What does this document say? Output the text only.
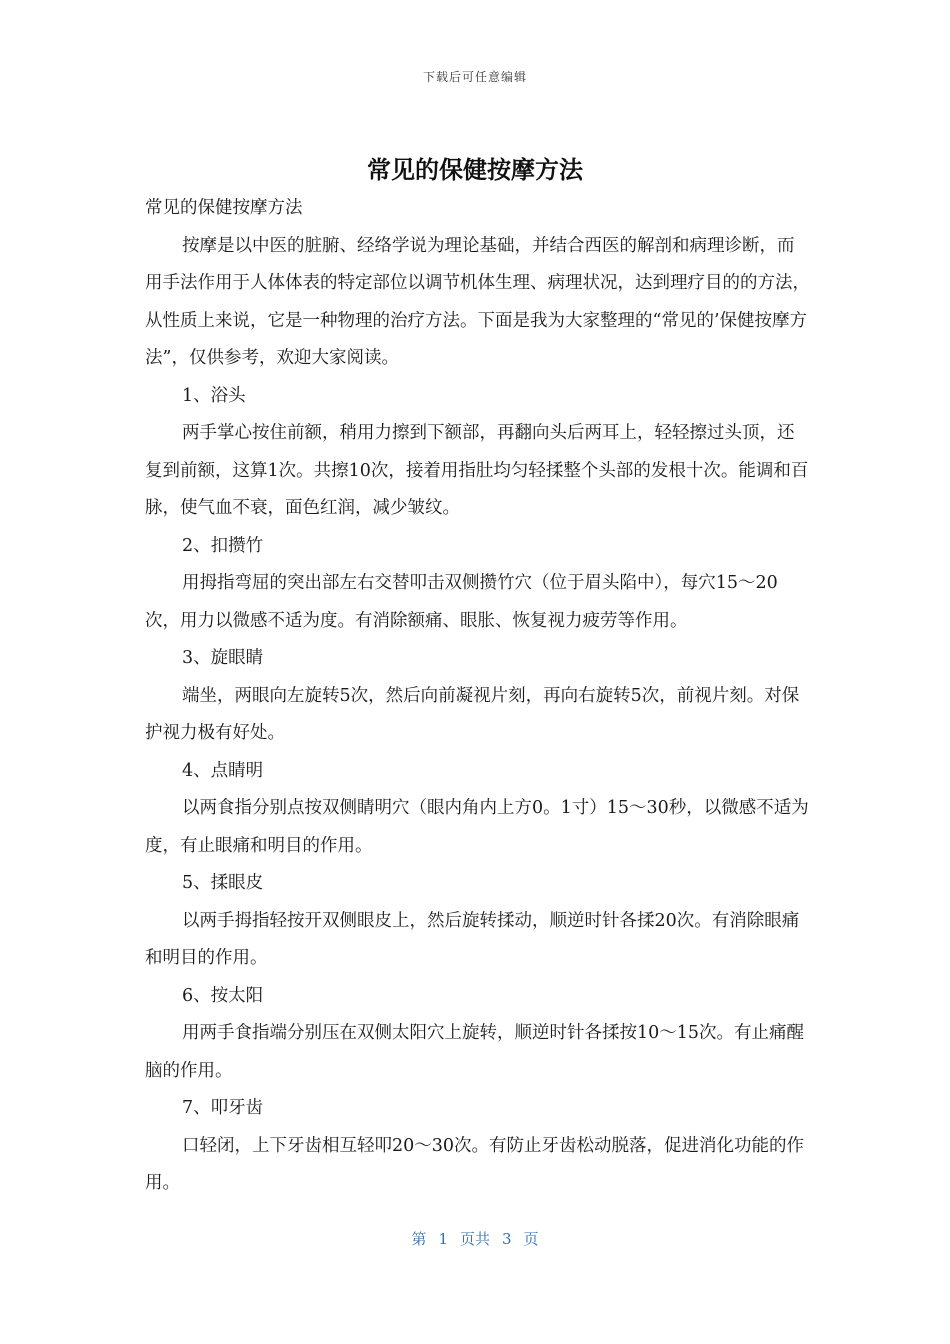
下载后可任意编辑
常见的保健按摩方法

常见的保健按摩方法

按摩是以中医的脏腑、经络学说为理论基础，并结合西医的解剖和病理诊断，而用手法作用于人体体表的特定部位以调节机体生理、病理状况，达到理疗目的的方法，从性质上来说，它是一种物理的治疗方法。下面是我为大家整理的“常见的’保健按摩方法”，仅供参考，欢迎大家阅读。

1、浴头

两手掌心按住前额，稍用力擦到下额部，再翻向头后两耳上，轻轻擦过头顶，还复到前额，这算1次。共擦10次，接着用指肚均匀轻揉整个头部的发根十次。能调和百脉，使气血不衰，面色红润，减少皱纹。

2、扣攒竹

用拇指弯屈的突出部左右交替叩击双侧攒竹穴（位于眉头陷中），每穴15～20次，用力以微感不适为度。有消除额痛、眼胀、恢复视力疲劳等作用。

3、旋眼睛

端坐，两眼向左旋转5次，然后向前凝视片刻，再向右旋转5次，前视片刻。对保护视力极有好处。

4、点睛明

以两食指分别点按双侧睛明穴（眼内角内上方0。1寸）15～30秒，以微感不适为度，有止眼痛和明目的作用。

5、揉眼皮

以两手拇指轻按开双侧眼皮上，然后旋转揉动，顺逆时针各揉20次。有消除眼痛和明目的作用。

6、按太阳

用两手食指端分别压在双侧太阳穴上旋转，顺逆时针各揉按10～15次。有止痛醒脑的作用。

7、叩牙齿

口轻闭，上下牙齿相互轻叩20～30次。有防止牙齿松动脱落，促进消化功能的作用。

第 1 页共 3 页
